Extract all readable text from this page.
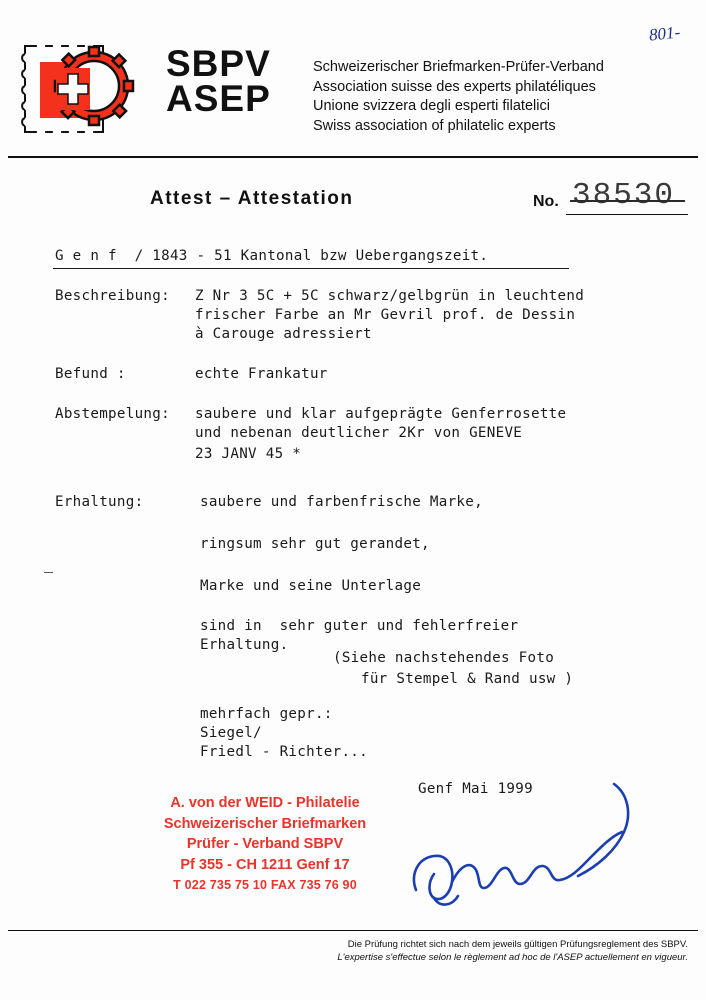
SBPV
ASEP
Schweizerischer Briefmarken-Prüfer-Verband
Association suisse des experts philatéliques
Unione svizzera degli esperti filatelici
Swiss association of philatelic experts
801-
Attest – Attestation	No. 38530
G e n f  / 1843 - 51 Kantonal bzw Uebergangszeit.
Beschreibung: Z Nr 3 5C + 5C schwarz/gelbgrün in leuchtend
frischer Farbe an Mr Gevril prof. de Dessin
à Carouge adressiert
Befund :	echte Frankatur
Abstempelung: saubere und klar aufgeprägte Genferrosette
und nebenan deutlicher 2Kr von GENEVE
23 JANV 45 *
Erhaltung:	saubere und farbenfrische Marke,
ringsum sehr gut gerandet,
Marke und seine Unterlage
sind in  sehr guter und fehlerfreier
Erhaltung.
(Siehe nachstehendes Foto
für Stempel & Rand usw )
mehrfach gepr.:
Siegel/
Friedl - Richter...
Genf Mai 1999
A. von der WEID - Philatelie
Schweizerischer Briefmarken
Prüfer - Verband SBPV
Pf 355 - CH 1211 Genf 17
T 022 735 75 10 FAX 735 76 90
Die Prüfung richtet sich nach dem jeweils gültigen Prüfungsreglement des SBPV.
L'expertise s'effectue selon le règlement ad hoc de l'ASEP actuellement en vigueur.
